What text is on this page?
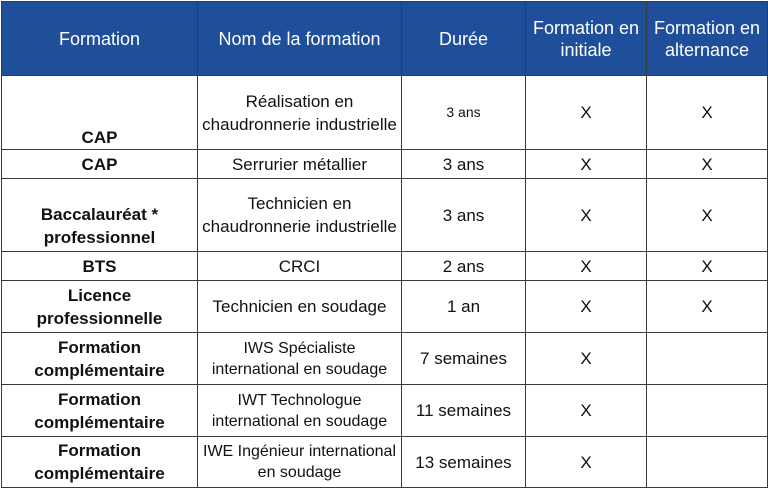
Formation	Nom de la formation	Durée	Formation en initiale	Formation en alternance
CAP	Réalisation en chaudronnerie industrielle	3 ans	X	X
CAP	Serrurier métallier	3 ans	X	X
Baccalauréat * professionnel	Technicien en chaudronnerie industrielle	3 ans	X	X
BTS	CRCI	2 ans	X	X
Licence professionnelle	Technicien en soudage	1 an	X	X
Formation complémentaire	IWS Spécialiste international en soudage	7 semaines	X	
Formation complémentaire	IWT Technologue international en soudage	11 semaines	X	
Formation complémentaire	IWE Ingénieur international en soudage	13 semaines	X	
